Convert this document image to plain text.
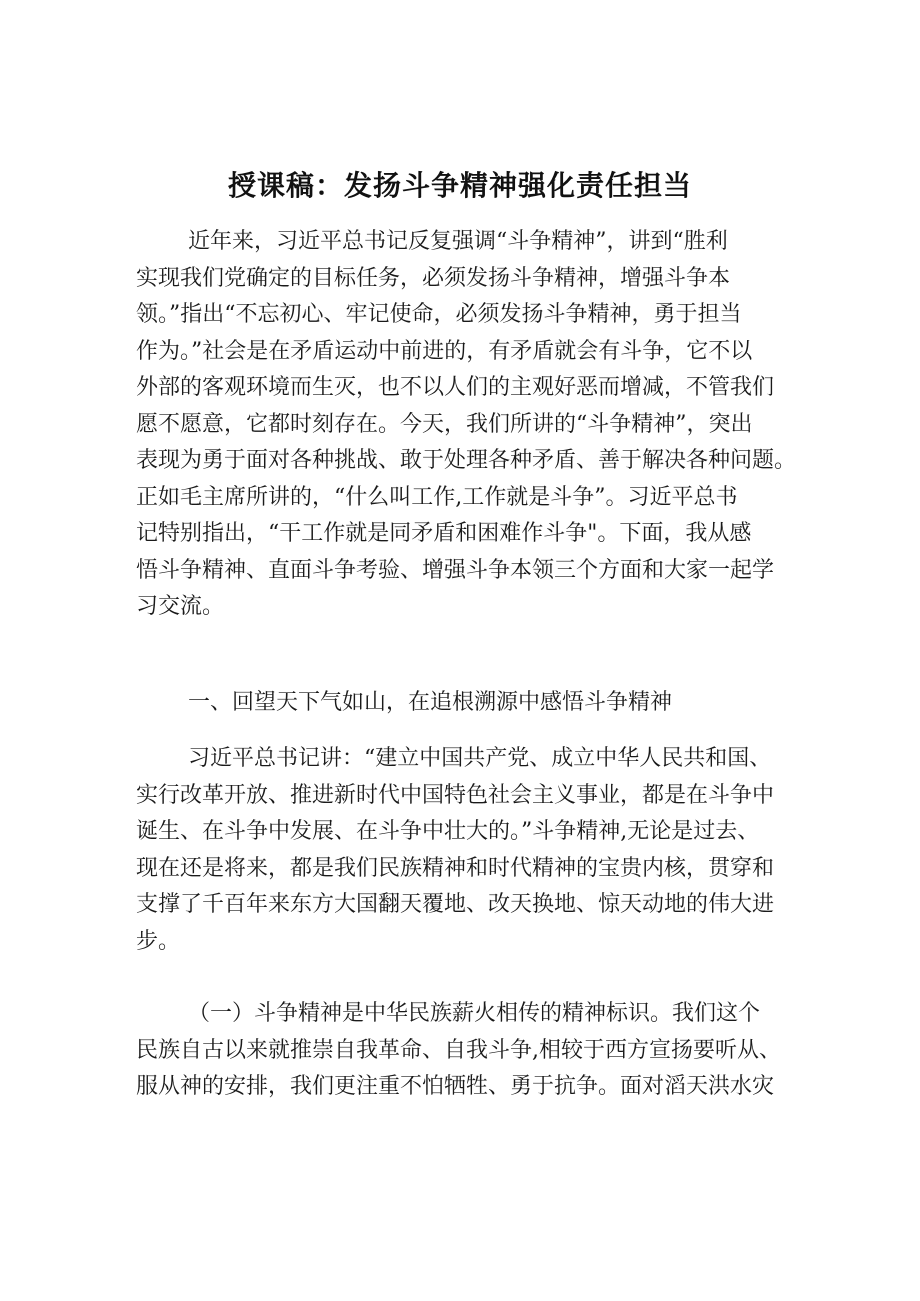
授课稿：发扬斗争精神强化责任担当
近年来，习近平总书记反复强调“斗争精神”，讲到“胜利
实现我们党确定的目标任务，必须发扬斗争精神，增强斗争本
领。”指出“不忘初心、牢记使命，必须发扬斗争精神，勇于担当
作为。”社会是在矛盾运动中前进的，有矛盾就会有斗争，它不以
外部的客观环境而生灭，也不以人们的主观好恶而增减，不管我们
愿不愿意，它都时刻存在。今天，我们所讲的“斗争精神”，突出
表现为勇于面对各种挑战、敢于处理各种矛盾、善于解决各种问题。
正如毛主席所讲的，“什么叫工作,工作就是斗争”。习近平总书
记特别指出，“干工作就是同矛盾和困难作斗争"。下面，我从感
悟斗争精神、直面斗争考验、增强斗争本领三个方面和大家一起学
习交流。
一、回望天下气如山，在追根溯源中感悟斗争精神
习近平总书记讲：“建立中国共产党、成立中华人民共和国、
实行改革开放、推进新时代中国特色社会主义事业，都是在斗争中
诞生、在斗争中发展、在斗争中壮大的。”斗争精神,无论是过去、
现在还是将来，都是我们民族精神和时代精神的宝贵内核，贯穿和
支撑了千百年来东方大国翻天覆地、改天换地、惊天动地的伟大进
步。
（一）斗争精神是中华民族薪火相传的精神标识。我们这个
民族自古以来就推崇自我革命、自我斗争,相较于西方宣扬要听从、
服从神的安排，我们更注重不怕牺牲、勇于抗争。面对滔天洪水灾
